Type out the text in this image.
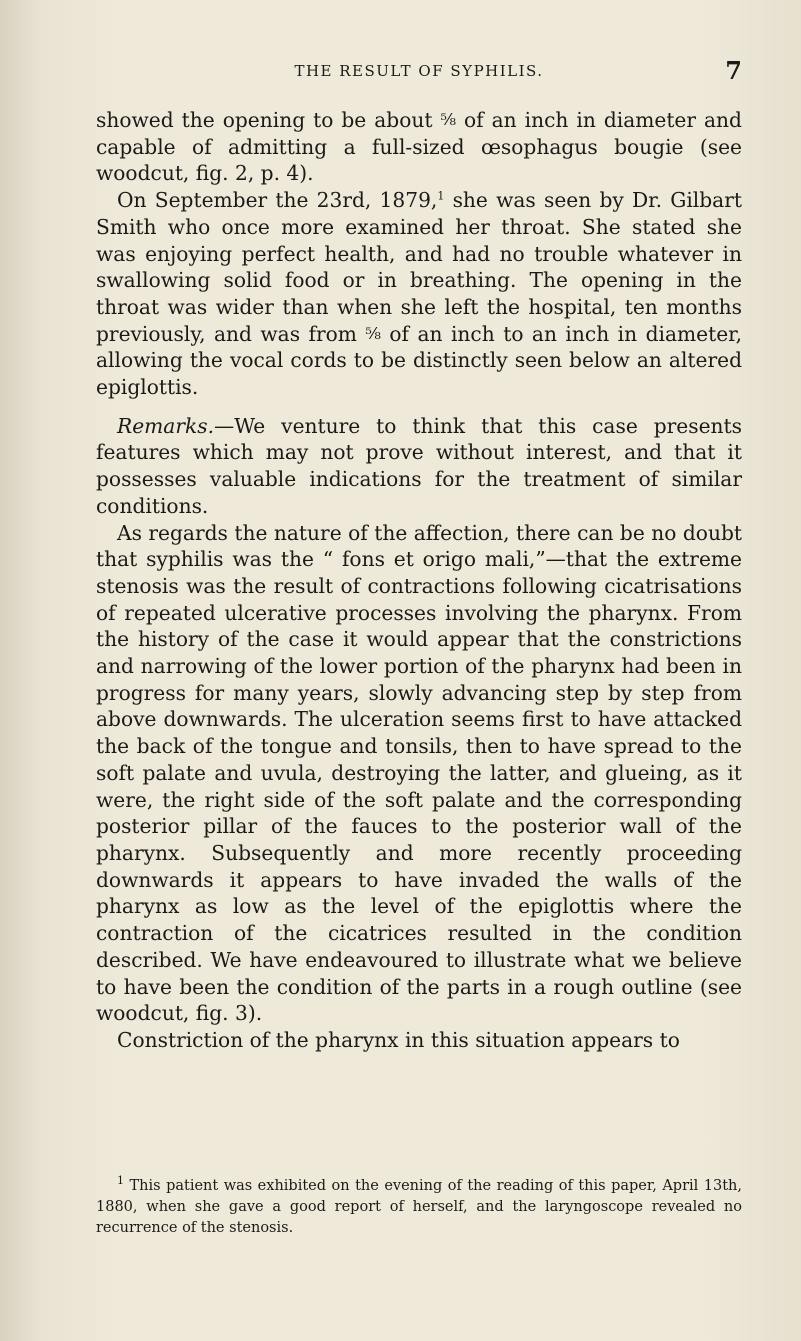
THE RESULT OF SYPHILIS.	7

showed the opening to be about ⅝ of an inch in diameter and capable of admitting a full-sized œsophagus bougie (see woodcut, fig. 2, p. 4).

On September the 23rd, 1879,$^1$ she was seen by Dr. Gilbart Smith who once more examined her throat. She stated she was enjoying perfect health, and had no trouble whatever in swallowing solid food or in breathing. The opening in the throat was wider than when she left the hospital, ten months previously, and was from ⅝ of an inch to an inch in diameter, allowing the vocal cords to be distinctly seen below an altered epiglottis.

Remarks.—We venture to think that this case presents features which may not prove without interest, and that it possesses valuable indications for the treatment of similar conditions.

As regards the nature of the affection, there can be no doubt that syphilis was the “ fons et origo mali,”—that the extreme stenosis was the result of contractions following cicatrisations of repeated ulcerative processes involving the pharynx. From the history of the case it would appear that the constrictions and narrowing of the lower portion of the pharynx had been in progress for many years, slowly advancing step by step from above downwards. The ulceration seems first to have attacked the back of the tongue and tonsils, then to have spread to the soft palate and uvula, destroying the latter, and glueing, as it were, the right side of the soft palate and the corresponding posterior pillar of the fauces to the posterior wall of the pharynx. Subsequently and more recently proceeding downwards it appears to have invaded the walls of the pharynx as low as the level of the epiglottis where the contraction of the cicatrices resulted in the condition described. We have endeavoured to illustrate what we believe to have been the condition of the parts in a rough outline (see woodcut, fig. 3).

Constriction of the pharynx in this situation appears to

$^1$ This patient was exhibited on the evening of the reading of this paper, April 13th, 1880, when she gave a good report of herself, and the laryngoscope revealed no recurrence of the stenosis.
